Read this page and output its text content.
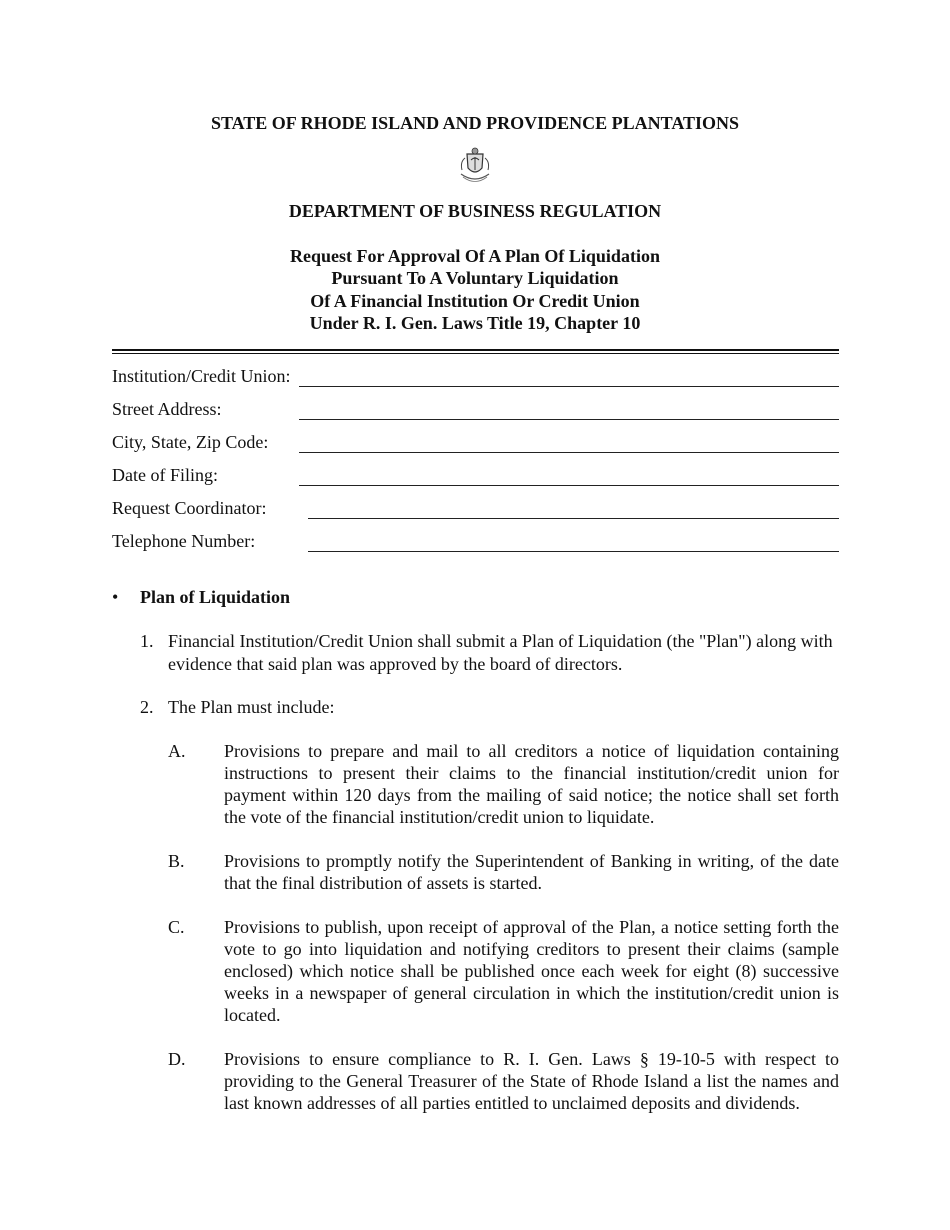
STATE OF RHODE ISLAND AND PROVIDENCE PLANTATIONS
DEPARTMENT OF BUSINESS REGULATION
Request For Approval Of A Plan Of Liquidation
Pursuant To A Voluntary Liquidation
Of A Financial Institution Or Credit Union
Under R. I. Gen. Laws Title 19, Chapter 10
Institution/Credit Union:
Street Address:
City, State, Zip Code:
Date of Filing:
Request Coordinator:
Telephone Number:
• Plan of Liquidation
1. Financial Institution/Credit Union shall submit a Plan of Liquidation (the "Plan") along with evidence that said plan was approved by the board of directors.
2. The Plan must include:
A. Provisions to prepare and mail to all creditors a notice of liquidation containing instructions to present their claims to the financial institution/credit union for payment within 120 days from the mailing of said notice; the notice shall set forth the vote of the financial institution/credit union to liquidate.
B. Provisions to promptly notify the Superintendent of Banking in writing, of the date that the final distribution of assets is started.
C. Provisions to publish, upon receipt of approval of the Plan, a notice setting forth the vote to go into liquidation and notifying creditors to present their claims (sample enclosed) which notice shall be published once each week for eight (8) successive weeks in a newspaper of general circulation in which the institution/credit union is located.
D. Provisions to ensure compliance to R. I. Gen. Laws § 19-10-5 with respect to providing to the General Treasurer of the State of Rhode Island a list the names and last known addresses of all parties entitled to unclaimed deposits and dividends.
